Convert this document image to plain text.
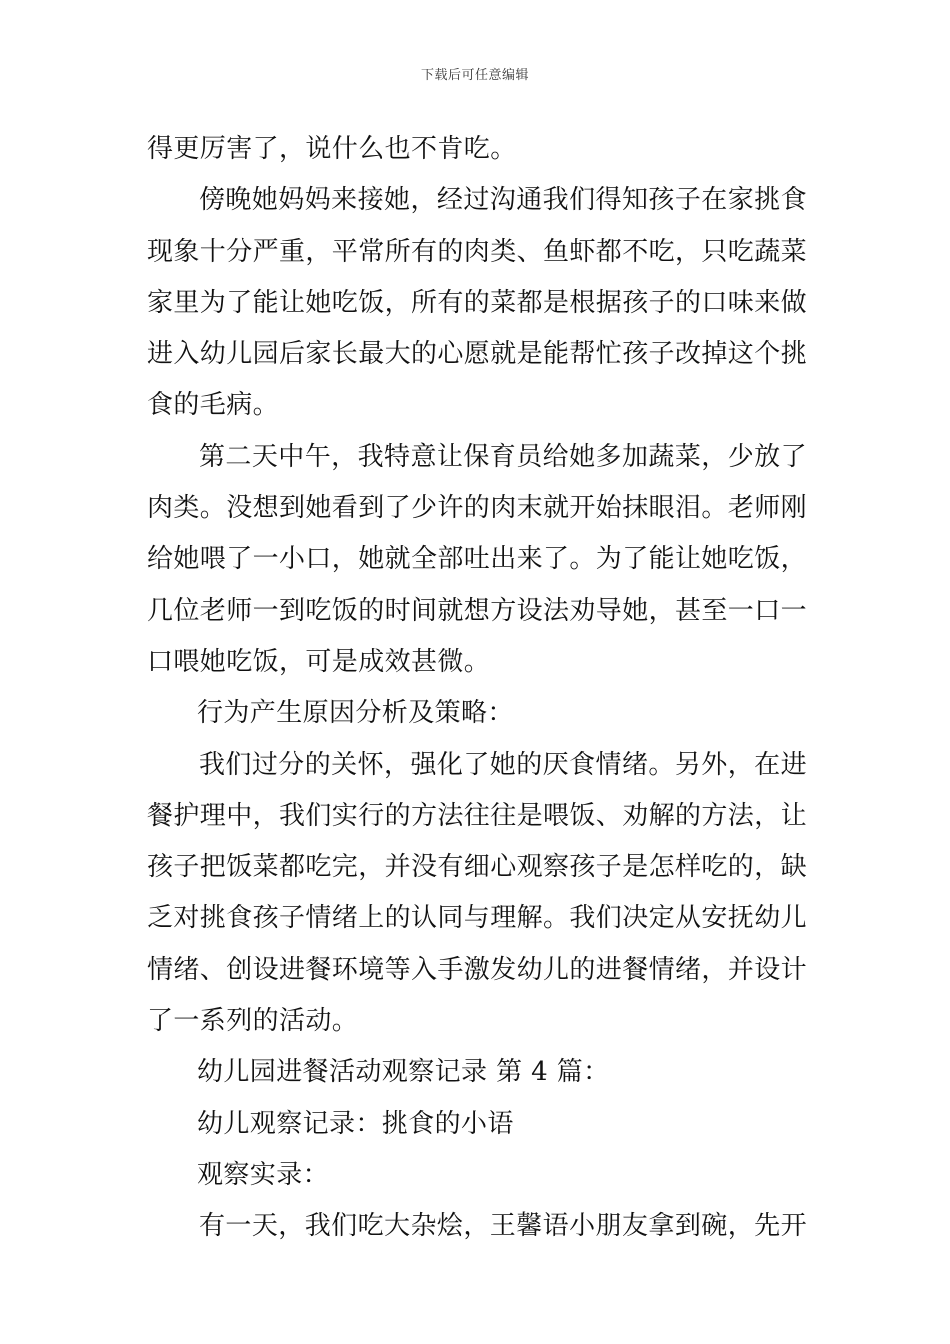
下载后可任意编辑
得更厉害了，说什么也不肯吃。
傍晚她妈妈来接她，经过沟通我们得知孩子在家挑食
现象十分严重，平常所有的肉类、鱼虾都不吃，只吃蔬菜
家里为了能让她吃饭，所有的菜都是根据孩子的口味来做
进入幼儿园后家长最大的心愿就是能帮忙孩子改掉这个挑
食的毛病。
第二天中午，我特意让保育员给她多加蔬菜，少放了
肉类。没想到她看到了少许的肉末就开始抹眼泪。老师刚
给她喂了一小口，她就全部吐出来了。为了能让她吃饭，
几位老师一到吃饭的时间就想方设法劝导她，甚至一口一
口喂她吃饭，可是成效甚微。
行为产生原因分析及策略：
我们过分的关怀，强化了她的厌食情绪。另外，在进
餐护理中，我们实行的方法往往是喂饭、劝解的方法，让
孩子把饭菜都吃完，并没有细心观察孩子是怎样吃的，缺
乏对挑食孩子情绪上的认同与理解。我们决定从安抚幼儿
情绪、创设进餐环境等入手激发幼儿的进餐情绪，并设计
了一系列的活动。
幼儿园进餐活动观察记录 第 4 篇：
幼儿观察记录：挑食的小语
观察实录：
有一天，我们吃大杂烩，王馨语小朋友拿到碗，先开
